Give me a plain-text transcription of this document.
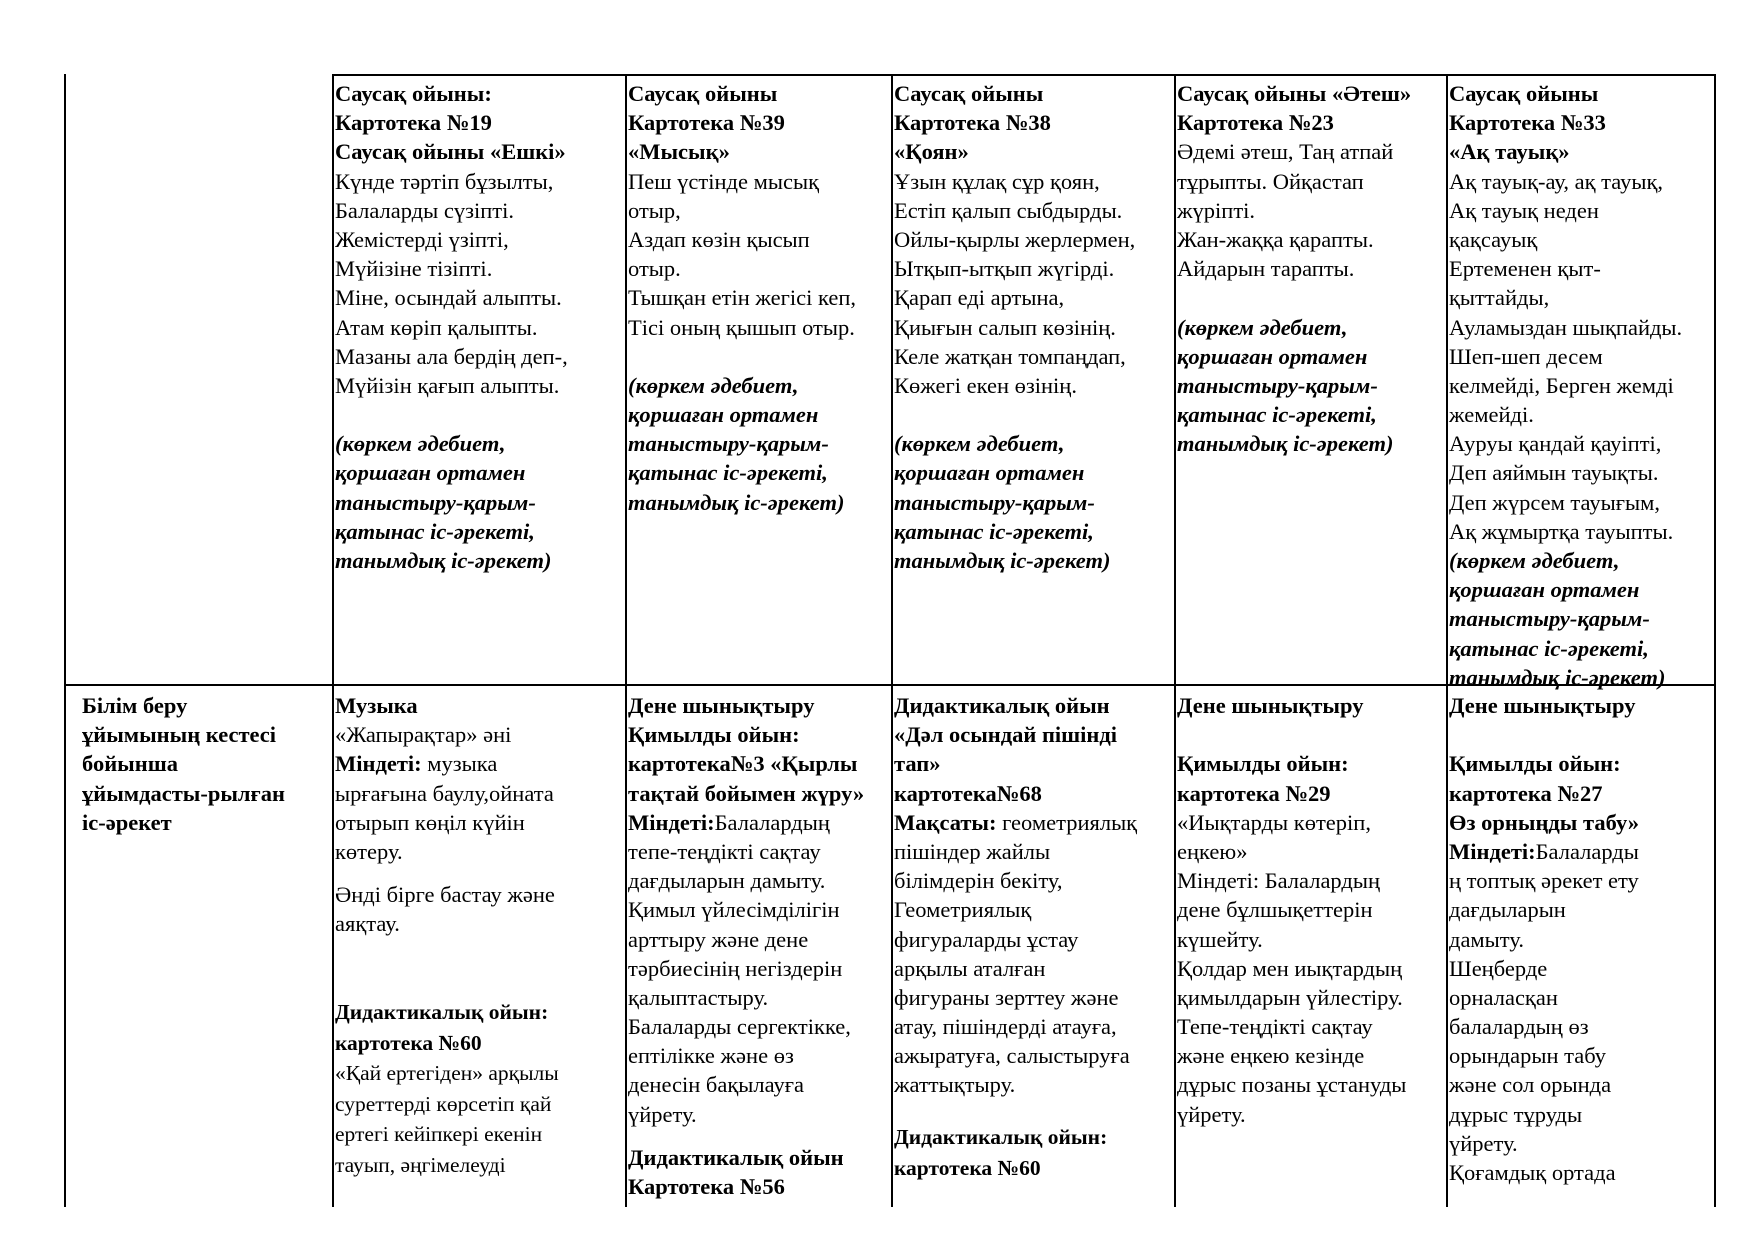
Саусақ ойыны:
Картотека №19
Саусақ ойыны «Ешкі»
Күнде тәртіп бұзылты,
Балаларды сүзіпті.
Жемістерді үзіпті,
Мүйізіне тізіпті.
Міне, осындай алыпты.
Атам көріп қалыпты.
Мазаны ала бердің деп-,
Мүйізін қағып алыпты.
(көркем әдебиет,
қоршаған ортамен
таныстыру-қарым-
қатынас іс-әрекеті,
танымдық іс-әрекет)
Саусақ ойыны
Картотека №39
«Мысық»
Пеш үстінде мысық
отыр,
Аздап көзін қысып
отыр.
Тышқан етін жегісі кеп,
Тісі оның қышып отыр.
(көркем әдебиет,
қоршаған ортамен
таныстыру-қарым-
қатынас іс-әрекеті,
танымдық іс-әрекет)
Саусақ ойыны
Картотека №38
«Қоян»
Ұзын құлақ сұр қоян,
Естіп қалып сыбдырды.
Ойлы-қырлы жерлермен,
Ытқып-ытқып жүгірді.
Қарап еді артына,
Қиығын салып көзінің.
Келе жатқан томпаңдап,
Көжегі екен өзінің.
(көркем әдебиет,
қоршаған ортамен
таныстыру-қарым-
қатынас іс-әрекеті,
танымдық іс-әрекет)
Саусақ ойыны «Әтеш»
Картотека №23
Әдемі әтеш, Таң атпай
тұрыпты. Ойқастап
жүріпті.
Жан-жаққа қарапты.
Айдарын тарапты.
(көркем әдебиет,
қоршаған ортамен
таныстыру-қарым-
қатынас іс-әрекеті,
танымдық іс-әрекет)
Саусақ ойыны
Картотека №33
«Ақ тауық»
Ақ тауық-ау, ақ тауық,
Ақ тауық неден
қақсауық
Ертеменен қыт-
қыттайды,
Ауламыздан шықпайды.
Шеп-шеп десем
келмейді, Берген жемді
жемейді.
Ауруы қандай қауіпті,
Деп аяймын тауықты.
Деп жүрсем тауығым,
Ақ жұмыртқа тауыпты.
(көркем әдебиет,
қоршаған ортамен
таныстыру-қарым-
қатынас іс-әрекеті,
танымдық іс-әрекет)
Білім беру
ұйымының кестесі
бойынша
ұйымдасты-рылған
іс-әрекет
Музыка
«Жапырақтар» әні
Міндеті: музыка
ырғағына баулу,ойната
отырып көңіл күйін
көтеру.
Әнді бірге бастау және
аяқтау.
Дидактикалық ойын:
картотека №60
«Қай ертегіден» арқылы
суреттерді көрсетіп қай
ертегі кейіпкері екенін
тауып, әңгімелеуді
Дене шынықтыру
Қимылды ойын:
картотека№3 «Қырлы
тақтай бойымен жүру»
Міндеті:Балалардың
тепе-теңдікті сақтау
дағдыларын дамыту.
Қимыл үйлесімділігін
арттыру және дене
тәрбиесінің негіздерін
қалыптастыру.
Балаларды сергектікке,
ептілікке және өз
денесін бақылауға
үйрету.
Дидактикалық ойын
Картотека №56
Дидактикалық ойын
«Дәл осындай пішінді
тап»
картотека№68
Мақсаты: геометриялық
пішіндер жайлы
білімдерін бекіту,
Геометриялық
фигураларды ұстау
арқылы аталған
фигураны зерттеу және
атау, пішіндерді атауға,
ажыратуға, салыстыруға
жаттықтыру.
Дидактикалық ойын:
картотека №60
Дене шынықтыру
Қимылды ойын:
картотека №29
«Иықтарды көтеріп,
еңкею»
Міндеті: Балалардың
дене бұлшықеттерін
күшейту.
Қолдар мен иықтардың
қимылдарын үйлестіру.
Тепе-теңдікті сақтау
және еңкею кезінде
дұрыс позаны ұстануды
үйрету.
Дене шынықтыру
Қимылды ойын:
картотека №27
Өз орныңды табу»
Міндеті:Балаларды
ң топтық әрекет ету
дағдыларын
дамыту.
Шеңберде
орналасқан
балалардың өз
орындарын табу
және сол орында
дұрыс тұруды
үйрету.
Қоғамдық ортада
